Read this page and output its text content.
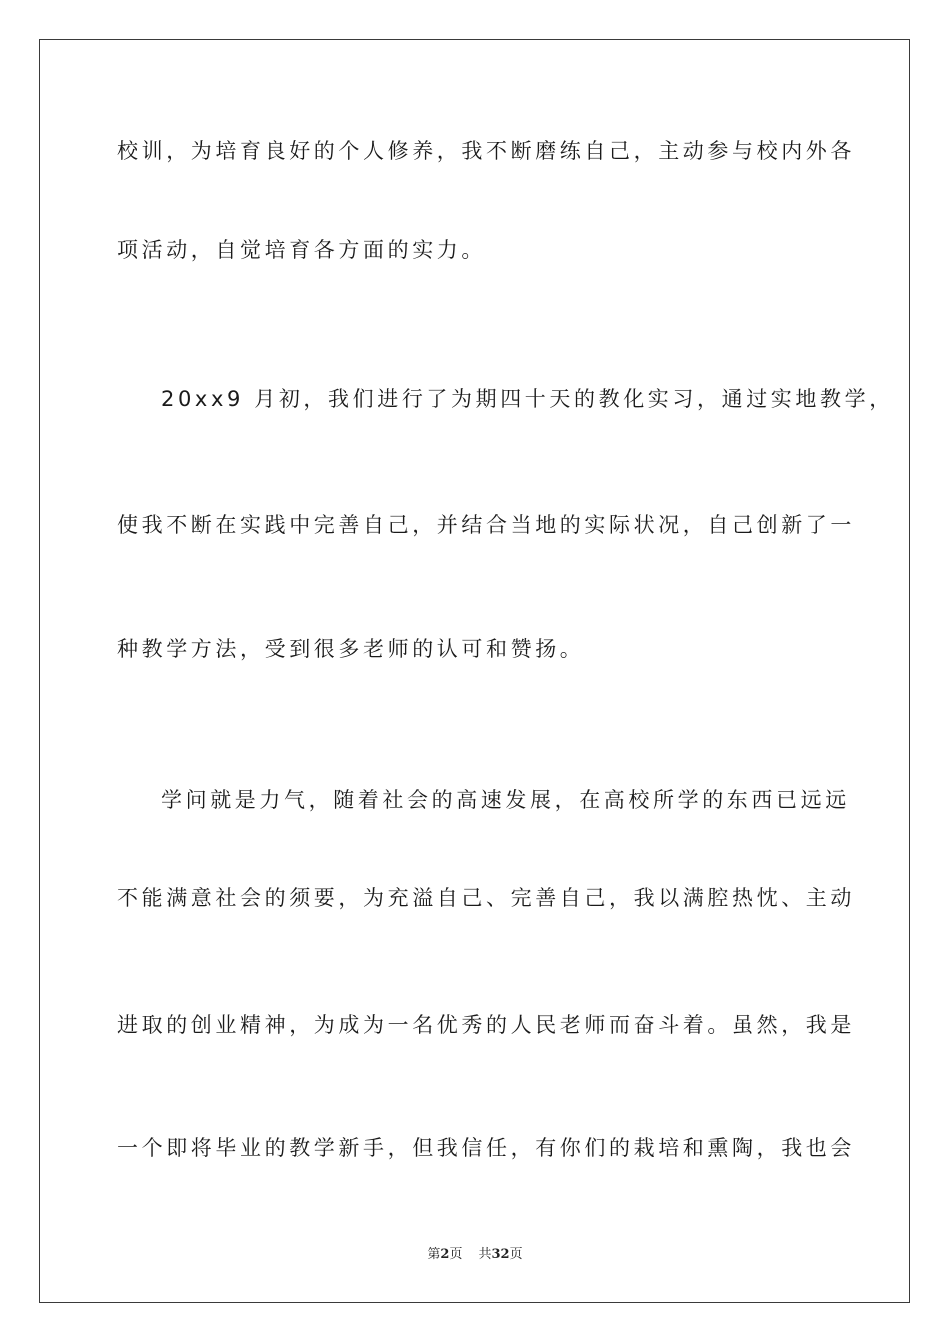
校训，为培育良好的个人修养，我不断磨练自己，主动参与校内外各
项活动，自觉培育各方面的实力。
20xx9 月初，我们进行了为期四十天的教化实习，通过实地教学，
使我不断在实践中完善自己，并结合当地的实际状况，自己创新了一
种教学方法，受到很多老师的认可和赞扬。
学问就是力气，随着社会的高速发展，在高校所学的东西已远远
不能满意社会的须要，为充溢自己、完善自己，我以满腔热忱、主动
进取的创业精神，为成为一名优秀的人民老师而奋斗着。虽然，我是
一个即将毕业的教学新手，但我信任，有你们的栽培和熏陶，我也会
第2页 共32页
